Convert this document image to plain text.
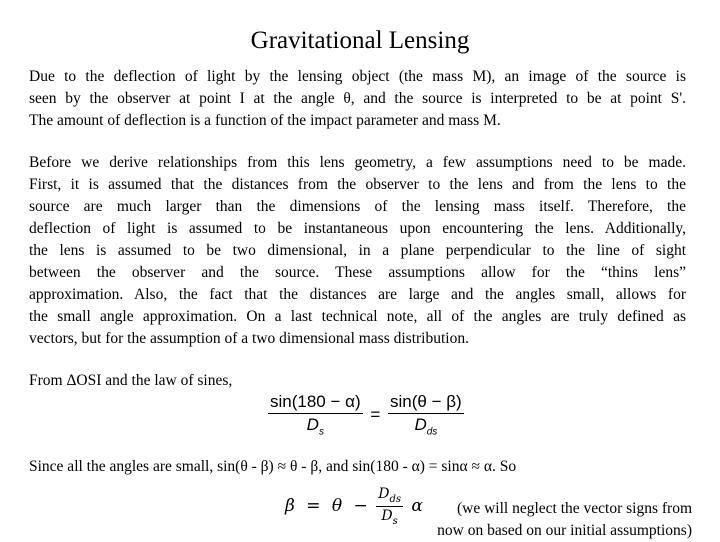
Gravitational Lensing
Due to the deflection of light by the lensing object (the mass M), an image of the source is
seen by the observer at point I at the angle θ, and the source is interpreted to be at point S'.
The amount of deflection is a function of the impact parameter and mass M.
Before we derive relationships from this lens geometry, a few assumptions need to be made.
First, it is assumed that the distances from the observer to the lens and from the lens to the
source are much larger than the dimensions of the lensing mass itself. Therefore, the
deflection of light is assumed to be instantaneous upon encountering the lens. Additionally,
the lens is assumed to be two dimensional, in a plane perpendicular to the line of sight
between the observer and the source. These assumptions allow for the “thins lens”
approximation. Also, the fact that the distances are large and the angles small, allows for
the small angle approximation. On a last technical note, all of the angles are truly defined as
vectors, but for the assumption of a two dimensional mass distribution.
From ΔOSI and the law of sines,
$\frac{\sin(180 - \alpha)}{D_s} = \frac{\sin(\theta - \beta)}{D_{ds}}$
Since all the angles are small, sin(θ - β) ≈ θ - β, and sin(180 - α) = sinα ≈ α. So
$\beta = \theta - \frac{D_{ds}}{D_s}$ α	(we will neglect the vector signs from
now on based on our initial assumptions)
